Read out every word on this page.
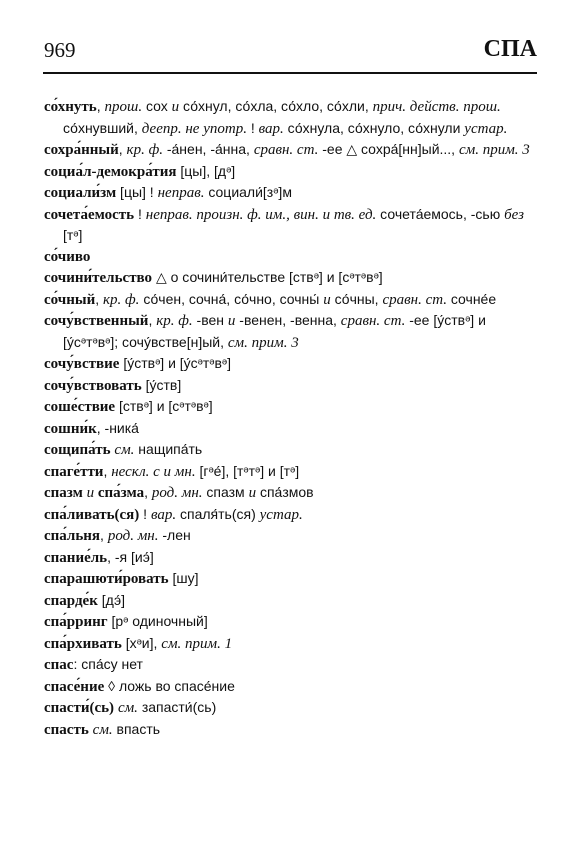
969	СПА

со́хнуть, прош. сох и со́хнул, со́хла, со́хло, со́хли, прич. действ. прош. со́хнувший, деепр. не употр. ! вар. со́хнула, со́хнуло, со́хнули устар.

сохра́нный, кр. ф. -а́нен, -а́нна, сравн. ст. -ее △ сохра́[нн]ый..., см. прим. 3

социа́л-демокра́тия [цы], [дᵊ]

социали́зм [цы] ! неправ. социали́[зᵊ]м

сочета́емость ! неправ. произн. ф. им., вин. и тв. ед. сочета́емось, -сью без [тᵊ]

со́чиво

сочини́тельство △ о сочини́тельстве [ствᵊ] и [сᵊтᵊвᵊ]

со́чный, кр. ф. со́чен, сочна́, со́чно, сочны́ и со́чны, сравн. ст. сочне́е

сочу́вственный, кр. ф. -вен и -венен, -венна, сравн. ст. -ее [у́ствᵊ] и [у́сᵊтᵊвᵊ]; сочу́встве[н]ый, см. прим. 3

сочу́вствие [у́ствᵊ] и [у́сᵊтᵊвᵊ]

сочу́вствовать [у́ств]

соше́ствие [ствᵊ] и [сᵊтᵊвᵊ]

сошни́к, -ника́

сощипа́ть см. нащипа́ть

спаге́тти, нескл. с и мн. [гᵊе́], [тᵊтᵊ] и [тᵊ]

спазм и спа́зма, род. мн. спазм и спа́змов

спа́ливать(ся) ! вар. спаля́ть(ся) устар.

спа́льня, род. мн. -лен

спание́ль, -я [иэ́]

спарашюти́ровать [шу]

спарде́к [дэ́]

спа́рринг [рᵊ одиночный]

спа́рхивать [хᵊи], см. прим. 1

спас: спа́су нет

спасе́ние ◊ ложь во спасе́ние

спасти́(сь) см. запасти́(сь)

спасть см. впасть
